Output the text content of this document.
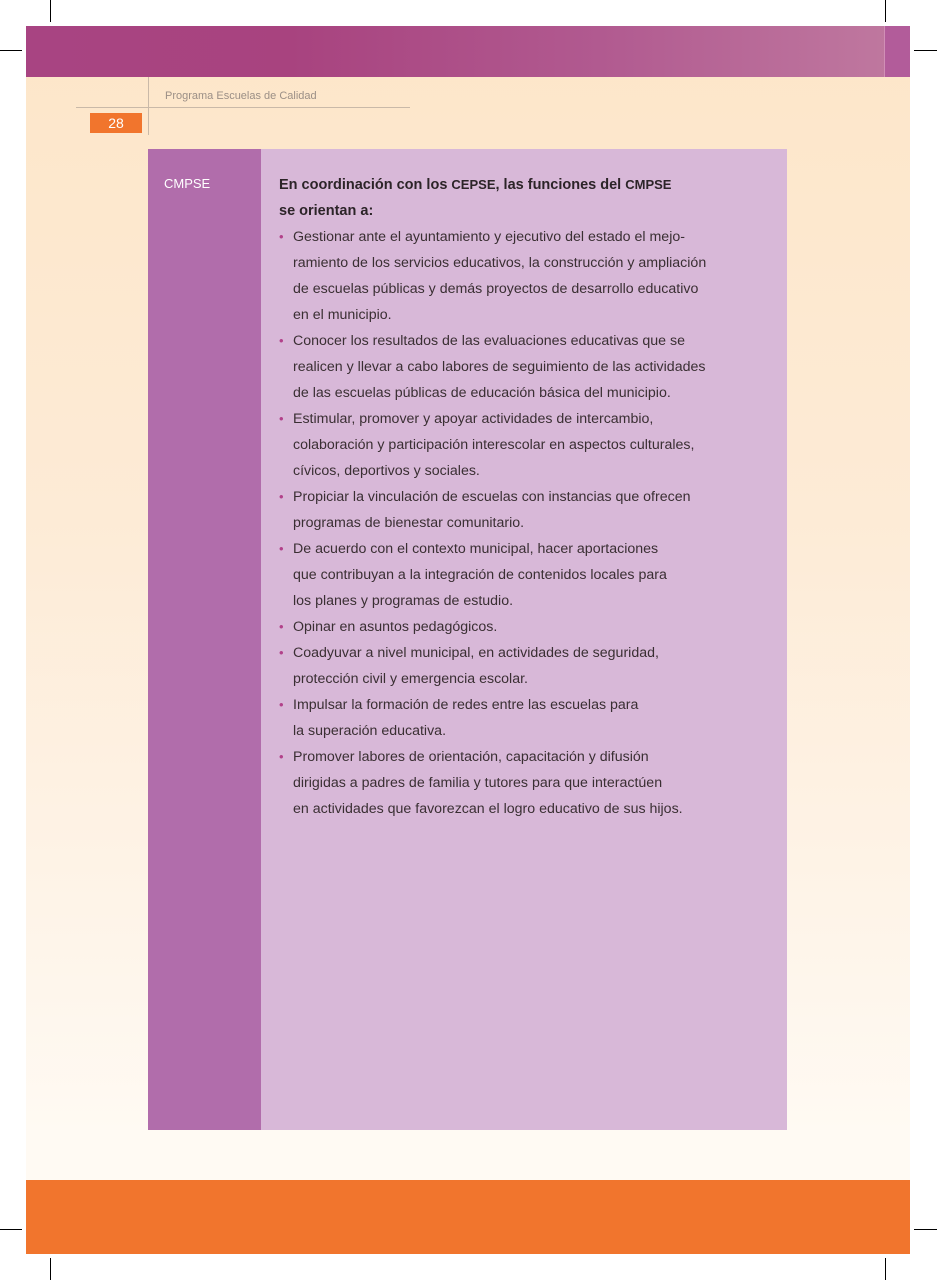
Programa Escuelas de Calidad
28
CMPSE	En coordinación con los CEPSE, las funciones del CMPSE
se orientan a:
• Gestionar ante el ayuntamiento y ejecutivo del estado el mejo-
ramiento de los servicios educativos, la construcción y ampliación
de escuelas públicas y demás proyectos de desarrollo educativo
en el municipio.
• Conocer los resultados de las evaluaciones educativas que se
realicen y llevar a cabo labores de seguimiento de las actividades
de las escuelas públicas de educación básica del municipio.
• Estimular, promover y apoyar actividades de intercambio,
colaboración y participación interescolar en aspectos culturales,
cívicos, deportivos y sociales.
• Propiciar la vinculación de escuelas con instancias que ofrecen
programas de bienestar comunitario.
• De acuerdo con el contexto municipal, hacer aportaciones
que contribuyan a la integración de contenidos locales para
los planes y programas de estudio.
• Opinar en asuntos pedagógicos.
• Coadyuvar a nivel municipal, en actividades de seguridad,
protección civil y emergencia escolar.
• Impulsar la formación de redes entre las escuelas para
la superación educativa.
• Promover labores de orientación, capacitación y difusión
dirigidas a padres de familia y tutores para que interactúen
en actividades que favorezcan el logro educativo de sus hijos.
